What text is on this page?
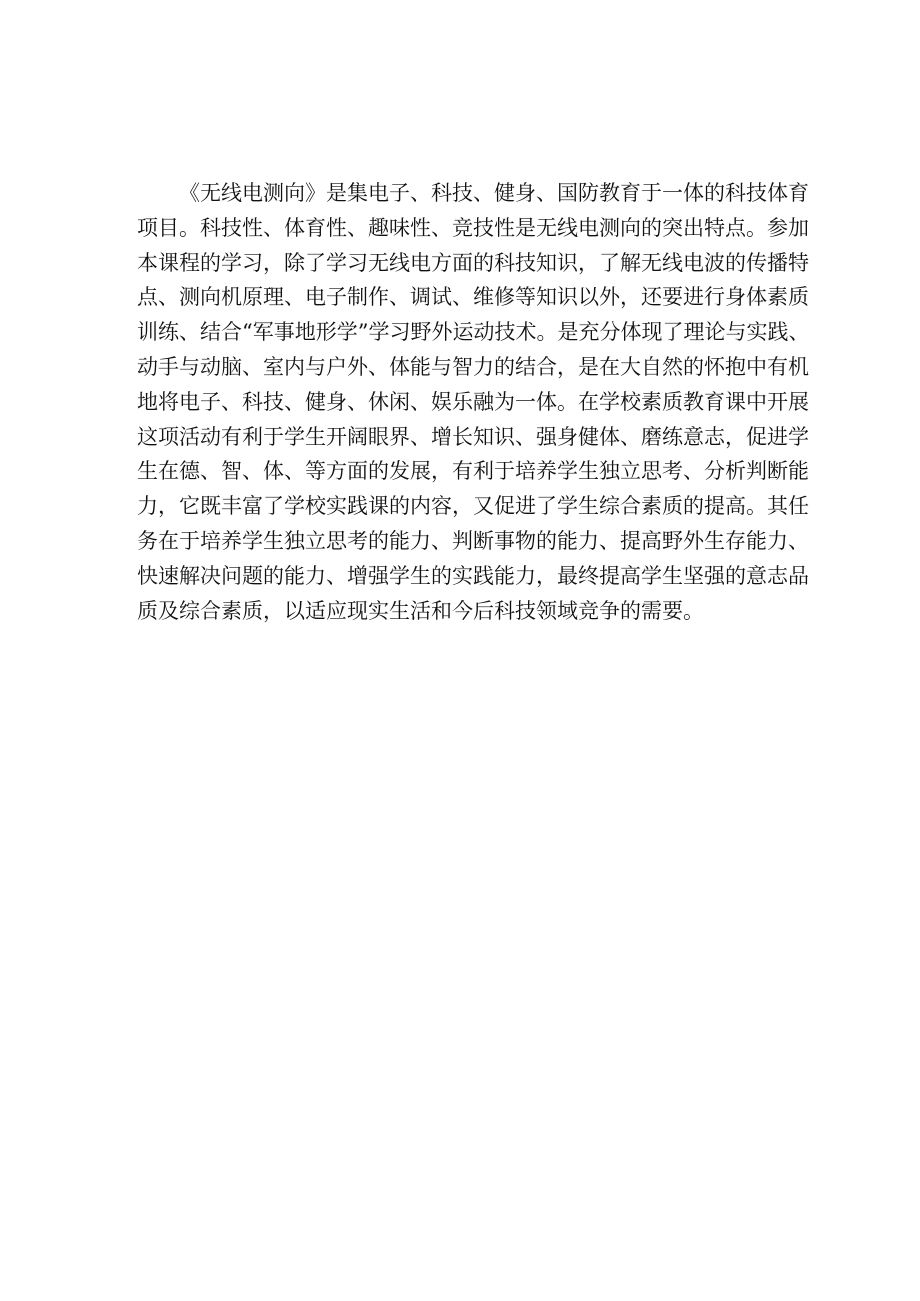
《无线电测向》是集电子、科技、健身、国防教育于一体的科技体育
项目。科技性、体育性、趣味性、竞技性是无线电测向的突出特点。参加
本课程的学习，除了学习无线电方面的科技知识，了解无线电波的传播特
点、测向机原理、电子制作、调试、维修等知识以外，还要进行身体素质
训练、结合“军事地形学”学习野外运动技术。是充分体现了理论与实践、
动手与动脑、室内与户外、体能与智力的结合，是在大自然的怀抱中有机
地将电子、科技、健身、休闲、娱乐融为一体。在学校素质教育课中开展
这项活动有利于学生开阔眼界、增长知识、强身健体、磨练意志，促进学
生在德、智、体、等方面的发展，有利于培养学生独立思考、分析判断能
力，它既丰富了学校实践课的内容，又促进了学生综合素质的提高。其任
务在于培养学生独立思考的能力、判断事物的能力、提高野外生存能力、
快速解决问题的能力、增强学生的实践能力，最终提高学生坚强的意志品
质及综合素质，以适应现实生活和今后科技领域竞争的需要。
